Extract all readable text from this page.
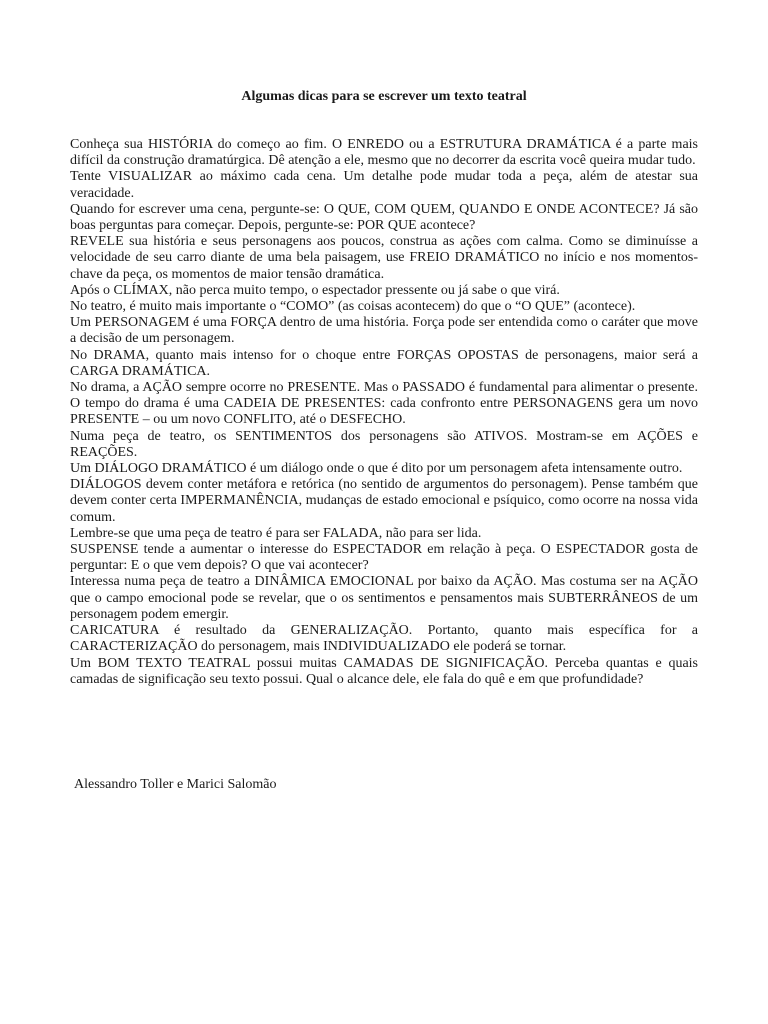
Algumas dicas para se escrever um texto teatral

Conheça sua HISTÓRIA do começo ao fim. O ENREDO ou a ESTRUTURA DRAMÁTICA é a parte mais difícil da construção dramatúrgica. Dê atenção a ele, mesmo que no decorrer da escrita você queira mudar tudo.

Tente VISUALIZAR ao máximo cada cena. Um detalhe pode mudar toda a peça, além de atestar sua veracidade.

Quando for escrever uma cena, pergunte-se: O QUE, COM QUEM, QUANDO E ONDE ACONTECE? Já são boas perguntas para começar. Depois, pergunte-se: POR QUE acontece?

REVELE sua história e seus personagens aos poucos, construa as ações com calma. Como se diminuísse a velocidade de seu carro diante de uma bela paisagem, use FREIO DRAMÁTICO no início e nos momentos-chave da peça, os momentos de maior tensão dramática.

Após o CLÍMAX, não perca muito tempo, o espectador pressente ou já sabe o que virá.

No teatro, é muito mais importante o “COMO” (as coisas acontecem) do que o “O QUE” (acontece).

Um PERSONAGEM é uma FORÇA dentro de uma história. Força pode ser entendida como o caráter que move a decisão de um personagem.

No DRAMA, quanto mais intenso for o choque entre FORÇAS OPOSTAS de personagens, maior será a CARGA DRAMÁTICA.

No drama, a AÇÃO sempre ocorre no PRESENTE. Mas o PASSADO é fundamental para alimentar o presente. O tempo do drama é uma CADEIA DE PRESENTES: cada confronto entre PERSONAGENS gera um novo PRESENTE – ou um novo CONFLITO, até o DESFECHO.

Numa peça de teatro, os SENTIMENTOS dos personagens são ATIVOS. Mostram-se em AÇÕES e REAÇÕES.

Um DIÁLOGO DRAMÁTICO é um diálogo onde o que é dito por um personagem afeta intensamente outro.

DIÁLOGOS devem conter metáfora e retórica (no sentido de argumentos do personagem). Pense também que devem conter certa IMPERMANÊNCIA, mudanças de estado emocional e psíquico, como ocorre na nossa vida comum.

Lembre-se que uma peça de teatro é para ser FALADA, não para ser lida.

SUSPENSE tende a aumentar o interesse do ESPECTADOR em relação à peça. O ESPECTADOR gosta de perguntar: E o que vem depois? O que vai acontecer?

Interessa numa peça de teatro a DINÂMICA EMOCIONAL por baixo da AÇÃO. Mas costuma ser na AÇÃO que o campo emocional pode se revelar, que o os sentimentos e pensamentos mais SUBTERRÂNEOS de um personagem podem emergir.

CARICATURA é resultado da GENERALIZAÇÃO. Portanto, quanto mais específica for a CARACTERIZAÇÃO do personagem, mais INDIVIDUALIZADO ele poderá se tornar.

Um BOM TEXTO TEATRAL possui muitas CAMADAS DE SIGNIFICAÇÃO. Perceba quantas e quais camadas de significação seu texto possui. Qual o alcance dele, ele fala do quê e em que profundidade?

Alessandro Toller e Marici Salomão
